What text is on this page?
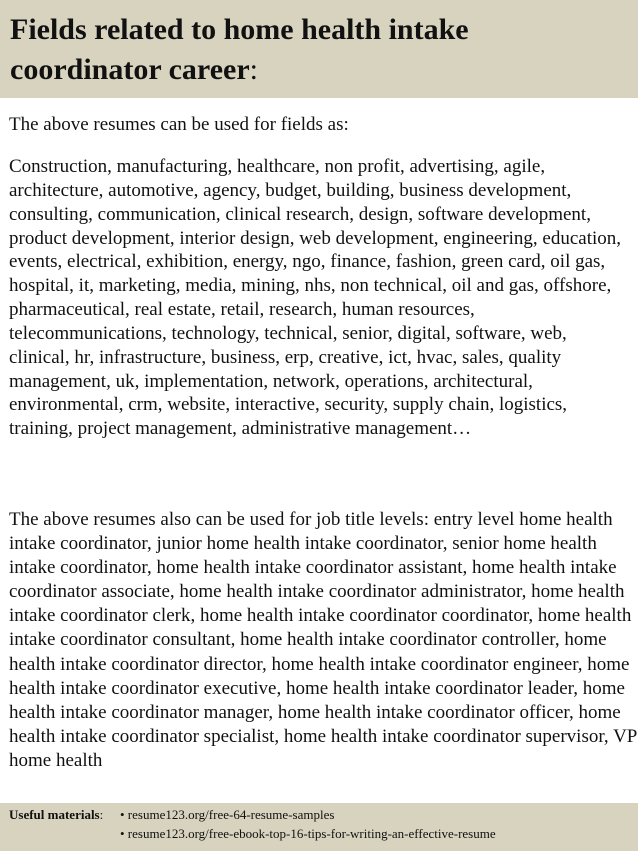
Fields related to home health intake coordinator career:

The above resumes can be used for fields as:

Construction, manufacturing, healthcare, non profit, advertising, agile, architecture, automotive, agency, budget, building, business development, consulting, communication, clinical research, design, software development, product development, interior design, web development, engineering, education, events, electrical, exhibition, energy, ngo, finance, fashion, green card, oil gas, hospital, it, marketing, media, mining, nhs, non technical, oil and gas, offshore, pharmaceutical, real estate, retail, research, human resources, telecommunications, technology, technical, senior, digital, software, web, clinical, hr, infrastructure, business, erp, creative, ict, hvac, sales, quality management, uk, implementation, network, operations, architectural, environmental, crm, website, interactive, security, supply chain, logistics, training, project management, administrative management…

The above resumes also can be used for job title levels: entry level home health intake coordinator, junior home health intake coordinator, senior home health intake coordinator, home health intake coordinator assistant, home health intake coordinator associate, home health intake coordinator administrator, home health intake coordinator clerk, home health intake coordinator coordinator, home health intake coordinator consultant, home health intake coordinator controller, home health intake coordinator director, home health intake coordinator engineer, home health intake coordinator executive, home health intake coordinator leader, home health intake coordinator manager, home health intake coordinator officer, home health intake coordinator specialist, home health intake coordinator supervisor, VP home health

Useful materials:	• resume123.org/free-64-resume-samples
• resume123.org/free-ebook-top-16-tips-for-writing-an-effective-resume
